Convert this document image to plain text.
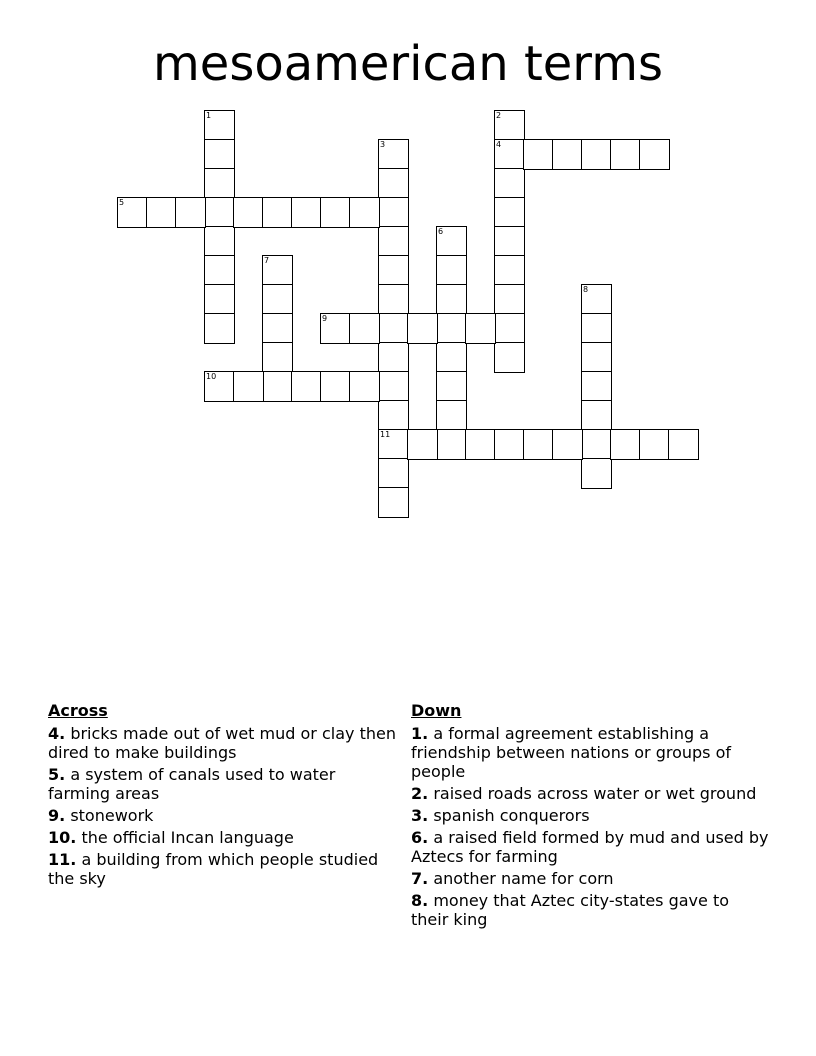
mesoamerican terms
1	2
4
3
11
5
6
7
8
9
10
Across
4. bricks made out of wet mud or clay then dired to make buildings
5. a system of canals used to water farming areas
9. stonework
10. the official Incan language
11. a building from which people studied the sky
Down
1. a formal agreement establishing a friendship between nations or groups of people
2. raised roads across water or wet ground
3. spanish conquerors
6. a raised field formed by mud and used by Aztecs for farming
7. another name for corn
8. money that Aztec city-states gave to their king
